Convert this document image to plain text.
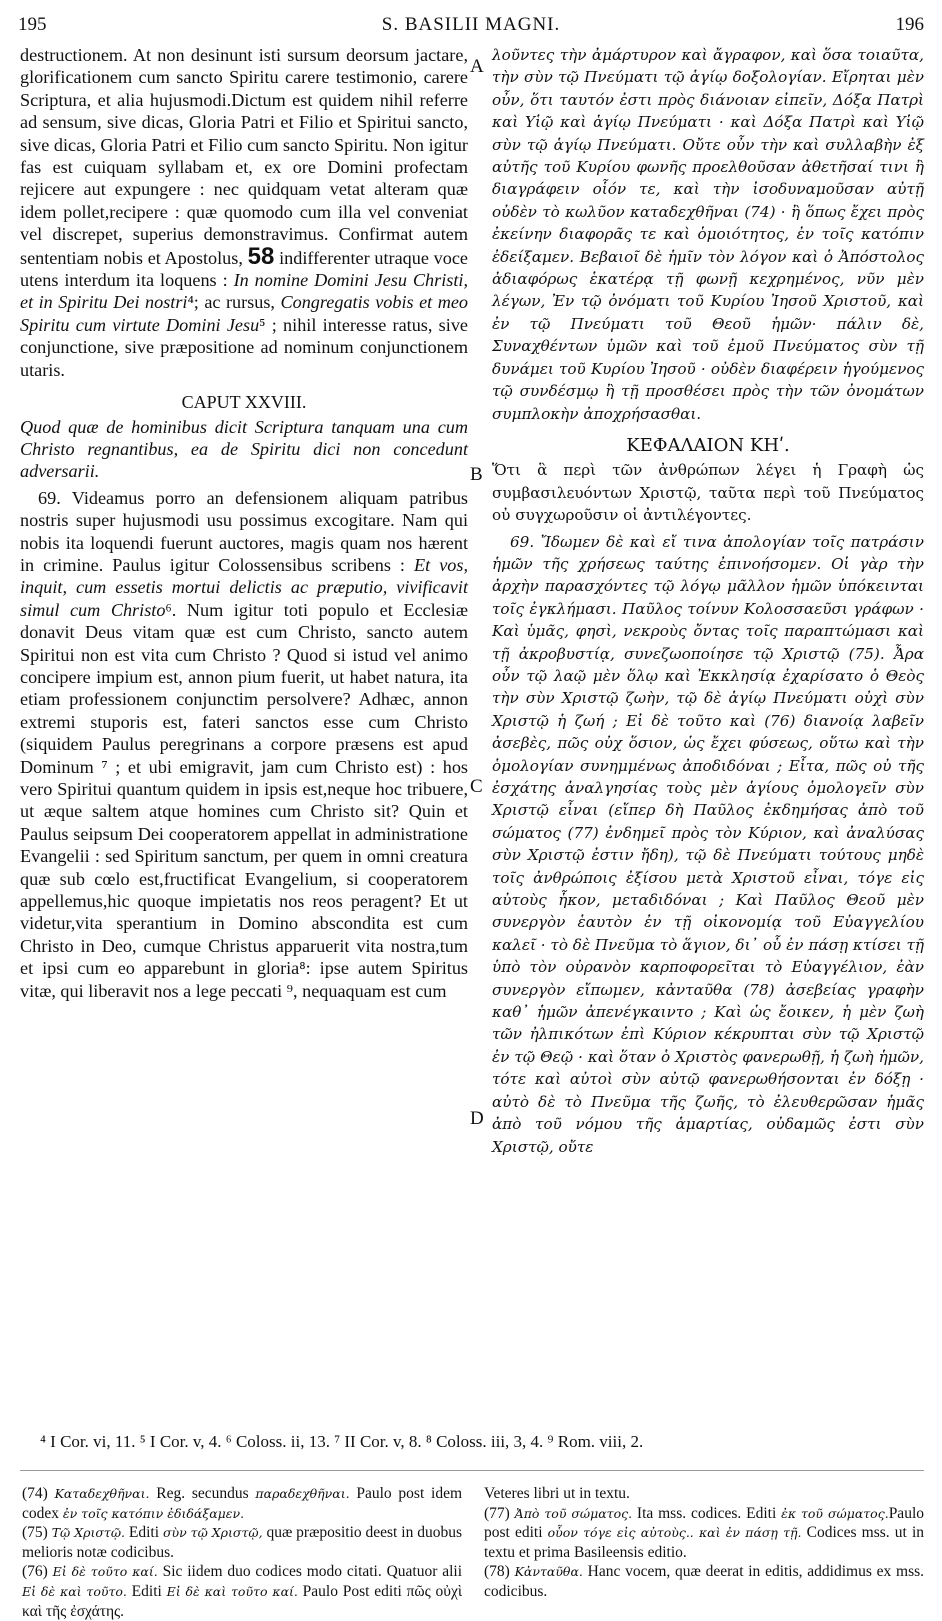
195	S. BASILII MAGNI.	196

destructionem. At non desinunt isti sursum deorsum jactare, glorificationem cum sancto Spiritu carere testimonio, carere Scriptura, et alia hujusmodi.Dictum est quidem nihil referre ad sensum, sive dicas, Gloria Patri et Filio et Spiritui sancto, sive dicas, Gloria Patri et Filio cum sancto Spiritu. Non igitur fas est cuiquam syllabam et, ex ore Domini profectam rejicere aut expungere : nec quidquam vetat alteram quæ idem pollet,recipere : quæ quomodo cum illa vel conveniat vel discrepet, superius demonstravimus. Confirmat autem sententiam nobis et Apostolus, 58 indifferenter utraque voce utens interdum ita loquens : In nomine Domini Jesu Christi, et in Spiritu Dei nostri⁴; ac rursus, Congregatis vobis et meo Spiritu cum virtute Domini Jesu⁵ ; nihil interesse ratus, sive conjunctione, sive præpositione ad nominum conjunctionem utaris.

CAPUT XXVIII.

Quod quæ de hominibus dicit Scriptura tanquam una cum Christo regnantibus, ea de Spiritu dici non concedunt adversarii.

69. Videamus porro an defensionem aliquam patribus nostris super hujusmodi usu possimus excogitare. Nam qui nobis ita loquendi fuerunt auctores, magis quam nos hærent in crimine. Paulus igitur Colossensibus scribens : Et vos, inquit, cum essetis mortui delictis ac præputio, vivificavit simul cum Christo⁶. Num igitur toti populo et Ecclesiæ donavit Deus vitam quæ est cum Christo, sancto autem Spiritui non est vita cum Christo ? Quod si istud vel animo concipere impium est, annon pium fuerit, ut habet natura, ita etiam professionem conjunctim persolvere? Adhæc, annon extremi stuporis est, fateri sanctos esse cum Christo (siquidem Paulus peregrinans a corpore præsens est apud Dominum ⁷ ; et ubi emigravit, jam cum Christo est) : hos vero Spiritui quantum quidem in ipsis est,neque hoc tribuere, ut æque saltem atque homines cum Christo sit? Quin et Paulus seipsum Dei cooperatorem appellat in administratione Evangelii : sed Spiritum sanctum, per quem in omni creatura quæ sub cœlo est,fructificat Evangelium, si cooperatorem appellemus,hic quoque impietatis nos reos peragent? Et ut videtur,vita sperantium in Domino abscondita est cum Christo in Deo, cumque Christus apparuerit vita nostra,tum et ipsi cum eo apparebunt in gloria⁸: ipse autem Spiritus vitæ, qui liberavit nos a lege peccati ⁹, nequaquam est cum

A
B
C
D

λοῦντες τὴν ἀμάρτυρον καὶ ἄγραφον, καὶ ὅσα τοιαῦτα, τὴν σὺν τῷ Πνεύματι τῷ ἁγίῳ δοξολογίαν. Εἴρηται μὲν οὖν, ὅτι ταυτόν ἐστι πρὸς διάνοιαν εἰπεῖν, Δόξα Πατρὶ καὶ Υἱῷ καὶ ἁγίῳ Πνεύματι · καὶ Δόξα Πατρὶ καὶ Υἱῷ σὺν τῷ ἁγίῳ Πνεύματι. Οὔτε οὖν τὴν καὶ συλλαβὴν ἐξ αὐτῆς τοῦ Κυρίου φωνῆς προελθοῦσαν ἀθετῆσαί τινι ἢ διαγράφειν οἷόν τε, καὶ τὴν ἰσοδυναμοῦσαν αὐτῇ οὐδὲν τὸ κωλῦον καταδεχθῆναι (74) · ἢ ὅπως ἔχει πρὸς ἐκείνην διαφορᾶς τε καὶ ὁμοιότητος, ἐν τοῖς κατόπιν ἐδείξαμεν. Βεβαιοῖ δὲ ἡμῖν τὸν λόγον καὶ ὁ Ἀπόστολος ἀδιαφόρως ἑκατέρᾳ τῇ φωνῇ κεχρημένος, νῦν μὲν λέγων, Ἐν τῷ ὀνόματι τοῦ Κυρίου Ἰησοῦ Χριστοῦ, καὶ ἐν τῷ Πνεύματι τοῦ Θεοῦ ἡμῶν· πάλιν δὲ, Συναχθέντων ὑμῶν καὶ τοῦ ἐμοῦ Πνεύματος σὺν τῇ δυνάμει τοῦ Κυρίου Ἰησοῦ · οὐδὲν διαφέρειν ἡγούμενος τῷ συνδέσμῳ ἢ τῇ προσθέσει πρὸς τὴν τῶν ὀνομάτων συμπλοκὴν ἀποχρήσασθαι.

ΚΕΦΑΛΑΙΟΝ ΚΗʹ.

Ὅτι ἃ περὶ τῶν ἀνθρώπων λέγει ἡ Γραφὴ ὡς συμβασιλευόντων Χριστῷ, ταῦτα περὶ τοῦ Πνεύματος οὐ συγχωροῦσιν οἱ ἀντιλέγοντες.

69. Ἴδωμεν δὲ καὶ εἴ τινα ἀπολογίαν τοῖς πατράσιν ἡμῶν τῆς χρήσεως ταύτης ἐπινοήσομεν. Οἱ γὰρ τὴν ἀρχὴν παρασχόντες τῷ λόγῳ μᾶλλον ἡμῶν ὑπόκεινται τοῖς ἐγκλήμασι. Παῦλος τοίνυν Κολοσσαεῦσι γράφων · Καὶ ὑμᾶς, φησὶ, νεκροὺς ὄντας τοῖς παραπτώμασι καὶ τῇ ἀκροβυστίᾳ, συνεζωοποίησε τῷ Χριστῷ (75). Ἆρα οὖν τῷ λαῷ μὲν ὅλῳ καὶ Ἐκκλησίᾳ ἐχαρίσατο ὁ Θεὸς τὴν σὺν Χριστῷ ζωὴν, τῷ δὲ ἁγίῳ Πνεύματι οὐχὶ σὺν Χριστῷ ἡ ζωή ; Εἰ δὲ τοῦτο καὶ (76) διανοίᾳ λαβεῖν ἀσεβὲς, πῶς οὐχ ὅσιον, ὡς ἔχει φύσεως, οὕτω καὶ τὴν ὁμολογίαν συνημμένως ἀποδιδόναι ; Εἶτα, πῶς οὐ τῆς ἐσχάτης ἀναλγησίας τοὺς μὲν ἁγίους ὁμολογεῖν σὺν Χριστῷ εἶναι (εἴπερ δὴ Παῦλος ἐκδημήσας ἀπὸ τοῦ σώματος (77) ἐνδημεῖ πρὸς τὸν Κύριον, καὶ ἀναλύσας σὺν Χριστῷ ἐστιν ἤδη), τῷ δὲ Πνεύματι τούτους μηδὲ τοῖς ἀνθρώποις ἐξίσου μετὰ Χριστοῦ εἶναι, τόγε εἰς αὐτοὺς ἧκον, μεταδιδόναι ; Καὶ Παῦλος Θεοῦ μὲν συνεργὸν ἑαυτὸν ἐν τῇ οἰκονομίᾳ τοῦ Εὐαγγελίου καλεῖ · τὸ δὲ Πνεῦμα τὸ ἅγιον, δι᾽ οὗ ἐν πάσῃ κτίσει τῇ ὑπὸ τὸν οὐρανὸν καρποφορεῖται τὸ Εὐαγγέλιον, ἐὰν συνεργὸν εἴπωμεν, κἀνταῦθα (78) ἀσεβείας γραφὴν καθ᾽ ἡμῶν ἀπενέγκαιντο ; Καὶ ὡς ἔοικεν, ἡ μὲν ζωὴ τῶν ἠλπικότων ἐπὶ Κύριον κέκρυπται σὺν τῷ Χριστῷ ἐν τῷ Θεῷ · καὶ ὅταν ὁ Χριστὸς φανερωθῇ, ἡ ζωὴ ἡμῶν, τότε καὶ αὐτοὶ σὺν αὐτῷ φανερωθήσονται ἐν δόξῃ · αὐτὸ δὲ τὸ Πνεῦμα τῆς ζωῆς, τὸ ἐλευθερῶσαν ἡμᾶς ἀπὸ τοῦ νόμου τῆς ἁμαρτίας, οὐδαμῶς ἐστι σὺν Χριστῷ, οὔτε

⁴ I Cor. vi, 11. ⁵ I Cor. v, 4. ⁶ Coloss. ii, 13. ⁷ II Cor. v, 8. ⁸ Coloss. iii, 3, 4. ⁹ Rom. viii, 2.

(74) Καταδεχθῆναι. Reg. secundus παραδεχθῆναι. Paulo post idem codex ἐν τοῖς κατόπιν ἐδιδάξαμεν.

(75) Τῷ Χριστῷ. Editi σὺν τῷ Χριστῷ, quæ præpositio deest in duobus melioris notæ codicibus.

(76) Εἰ δὲ τοῦτο καί. Sic iidem duo codices modo citati. Quatuor alii Εἰ δὲ καὶ τοῦτο. Editi Εἰ δὲ καὶ τοῦτο καί. Paulo Post editi πῶς οὐχὶ καὶ τῆς ἐσχάτης.

Veteres libri ut in textu.

(77) Ἀπὸ τοῦ σώματος. Ita mss. codices. Editi ἐκ τοῦ σώματος.Paulo post editi οὗον τόγε εἰς αὐτοὺς.. καὶ ἐν πάσῃ τῇ. Codices mss. ut in textu et prima Basileensis editio.

(78) Κἀνταῦθα. Hanc vocem, quæ deerat in editis, addidimus ex mss. codicibus.
